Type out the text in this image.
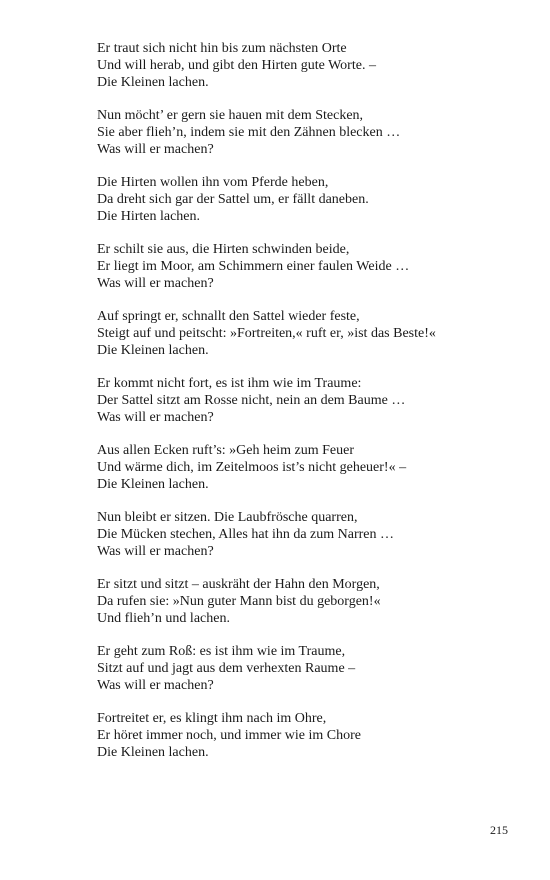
Er traut sich nicht hin bis zum nächsten Orte
Und will herab, und gibt den Hirten gute Worte. –
Die Kleinen lachen.
Nun möcht’ er gern sie hauen mit dem Stecken,
Sie aber flieh’n, indem sie mit den Zähnen blecken …
Was will er machen?
Die Hirten wollen ihn vom Pferde heben,
Da dreht sich gar der Sattel um, er fällt daneben.
Die Hirten lachen.
Er schilt sie aus, die Hirten schwinden beide,
Er liegt im Moor, am Schimmern einer faulen Weide …
Was will er machen?
Auf springt er, schnallt den Sattel wieder feste,
Steigt auf und peitscht: »Fortreiten,« ruft er, »ist das Beste!«
Die Kleinen lachen.
Er kommt nicht fort, es ist ihm wie im Traume:
Der Sattel sitzt am Rosse nicht, nein an dem Baume …
Was will er machen?
Aus allen Ecken ruft’s: »Geh heim zum Feuer
Und wärme dich, im Zeitelmoos ist’s nicht geheuer!« –
Die Kleinen lachen.
Nun bleibt er sitzen. Die Laubfrösche quarren,
Die Mücken stechen, Alles hat ihn da zum Narren …
Was will er machen?
Er sitzt und sitzt – auskräht der Hahn den Morgen,
Da rufen sie: »Nun guter Mann bist du geborgen!«
Und flieh’n und lachen.
Er geht zum Roß: es ist ihm wie im Traume,
Sitzt auf und jagt aus dem verhexten Raume –
Was will er machen?
Fortreitet er, es klingt ihm nach im Ohre,
Er höret immer noch, und immer wie im Chore
Die Kleinen lachen.
215
